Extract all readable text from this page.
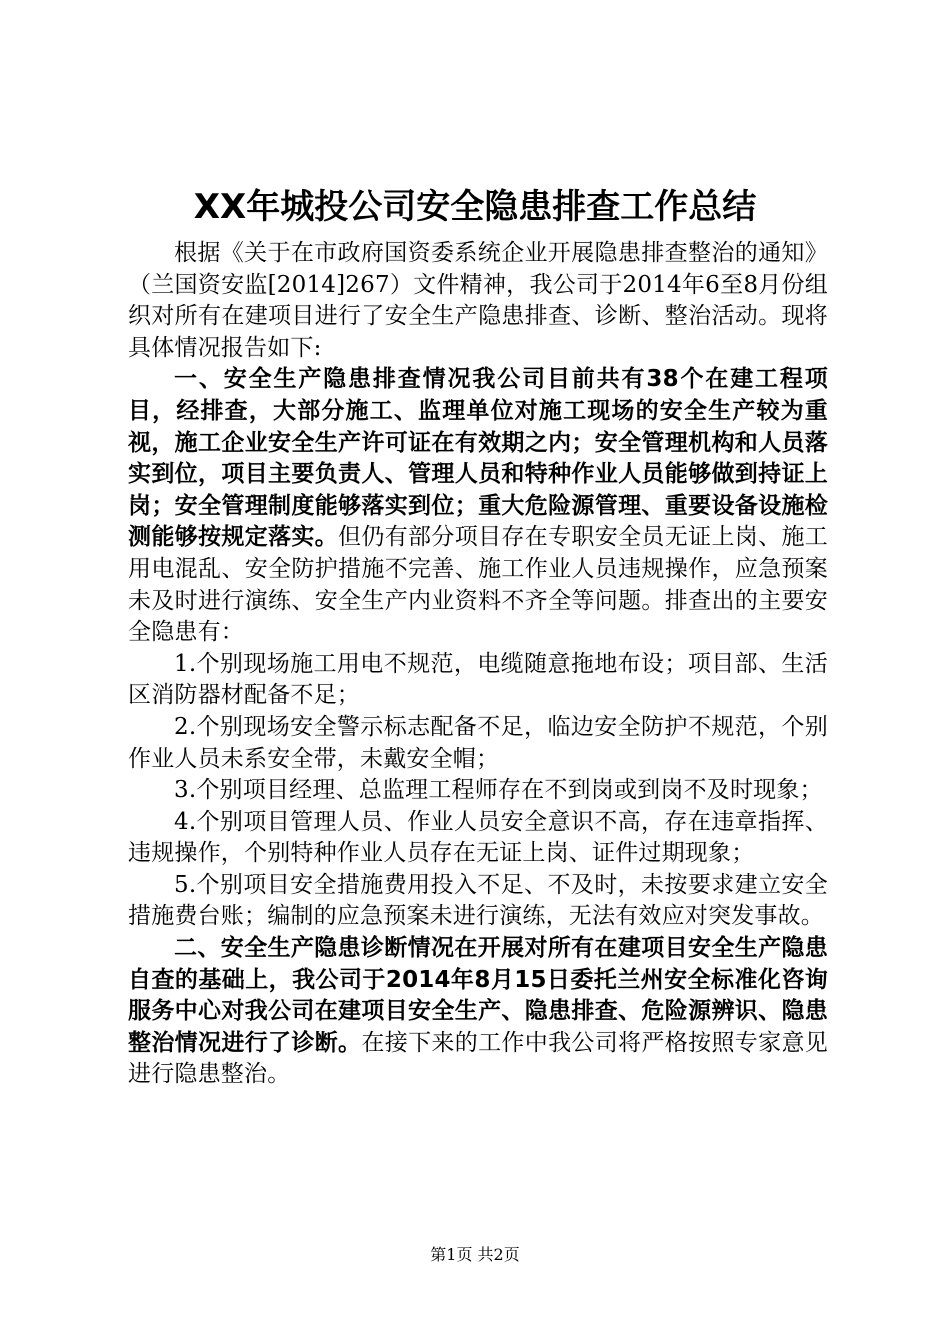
XX年城投公司安全隐患排查工作总结

根据《关于在市政府国资委系统企业开展隐患排查整治的通知》（兰国资安监[2014]267）文件精神，我公司于2014年6至8月份组织对所有在建项目进行了安全生产隐患排查、诊断、整治活动。现将具体情况报告如下:

一、安全生产隐患排查情况我公司目前共有38个在建工程项目，经排查，大部分施工、监理单位对施工现场的安全生产较为重视，施工企业安全生产许可证在有效期之内；安全管理机构和人员落实到位，项目主要负责人、管理人员和特种作业人员能够做到持证上岗；安全管理制度能够落实到位；重大危险源管理、重要设备设施检测能够按规定落实。但仍有部分项目存在专职安全员无证上岗、施工用电混乱、安全防护措施不完善、施工作业人员违规操作，应急预案未及时进行演练、安全生产内业资料不齐全等问题。排查出的主要安全隐患有：

1.个别现场施工用电不规范，电缆随意拖地布设；项目部、生活区消防器材配备不足；

2.个别现场安全警示标志配备不足，临边安全防护不规范，个别作业人员未系安全带，未戴安全帽；

3.个别项目经理、总监理工程师存在不到岗或到岗不及时现象；

4.个别项目管理人员、作业人员安全意识不高，存在违章指挥、违规操作，个别特种作业人员存在无证上岗、证件过期现象；

5.个别项目安全措施费用投入不足、不及时，未按要求建立安全措施费台账；编制的应急预案未进行演练，无法有效应对突发事故。

二、安全生产隐患诊断情况在开展对所有在建项目安全生产隐患自查的基础上，我公司于2014年8月15日委托兰州安全标准化咨询服务中心对我公司在建项目安全生产、隐患排查、危险源辨识、隐患整治情况进行了诊断。在接下来的工作中我公司将严格按照专家意见进行隐患整治。

第1页 共2页
